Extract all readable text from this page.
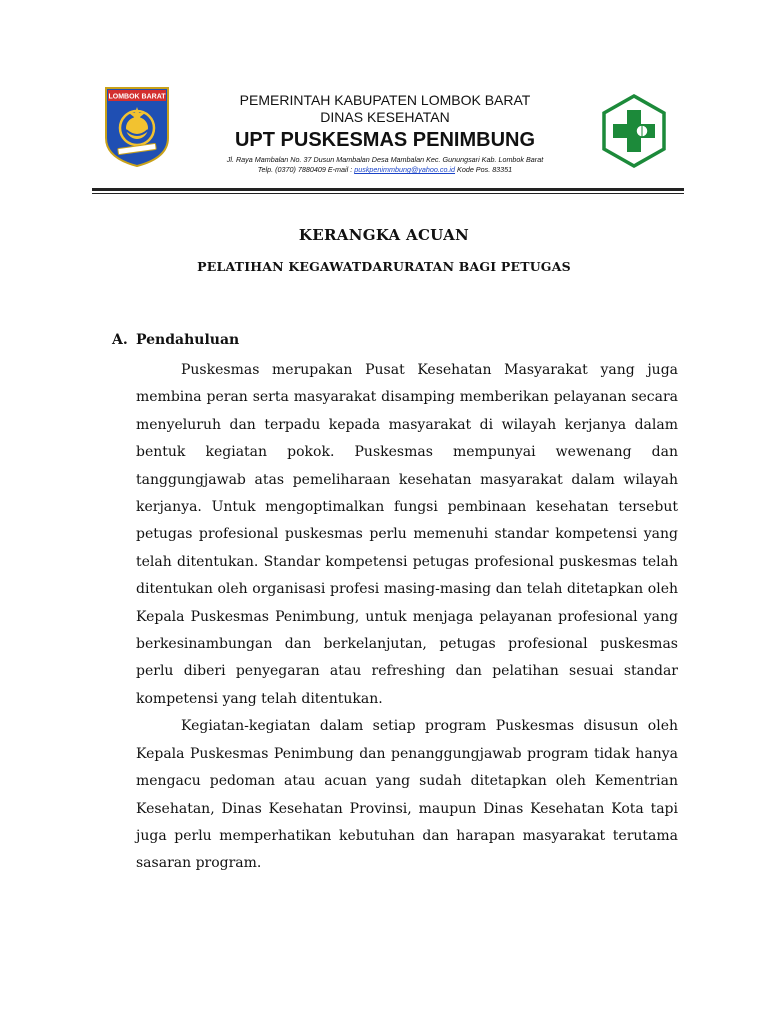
LOMBOK BARAT	PEMERINTAH KABUPATEN LOMBOK BARAT
DINAS KESEHATAN
UPT PUSKESMAS PENIMBUNG
Jl. Raya Mambalan No. 37 Dusun Mambalan Desa Mambalan Kec. Gunungsari Kab. Lombok Barat
Telp. (0370) 7880409 E-mail : puskpenimmbung@yahoo.co.id Kode Pos. 83351
KERANGKA ACUAN
PELATIHAN KEGAWATDARURATAN BAGI PETUGAS
A. Pendahuluan

Puskesmas merupakan Pusat Kesehatan Masyarakat yang juga membina peran serta masyarakat disamping memberikan pelayanan secara menyeluruh dan terpadu kepada masyarakat di wilayah kerjanya dalam bentuk kegiatan pokok. Puskesmas mempunyai wewenang dan tanggungjawab atas pemeliharaan kesehatan masyarakat dalam wilayah kerjanya. Untuk mengoptimalkan fungsi pembinaan kesehatan tersebut petugas profesional puskesmas perlu memenuhi standar kompetensi yang telah ditentukan. Standar kompetensi petugas profesional puskesmas telah ditentukan oleh organisasi profesi masing-masing dan telah ditetapkan oleh Kepala Puskesmas Penimbung, untuk menjaga pelayanan profesional yang berkesinambungan dan berkelanjutan, petugas profesional puskesmas perlu diberi penyegaran atau refreshing dan pelatihan sesuai standar kompetensi yang telah ditentukan.

Kegiatan-kegiatan dalam setiap program Puskesmas disusun oleh Kepala Puskesmas Penimbung dan penanggungjawab program tidak hanya mengacu pedoman atau acuan yang sudah ditetapkan oleh Kementrian Kesehatan, Dinas Kesehatan Provinsi, maupun Dinas Kesehatan Kota tapi juga perlu memperhatikan kebutuhan dan harapan masyarakat terutama sasaran program.
